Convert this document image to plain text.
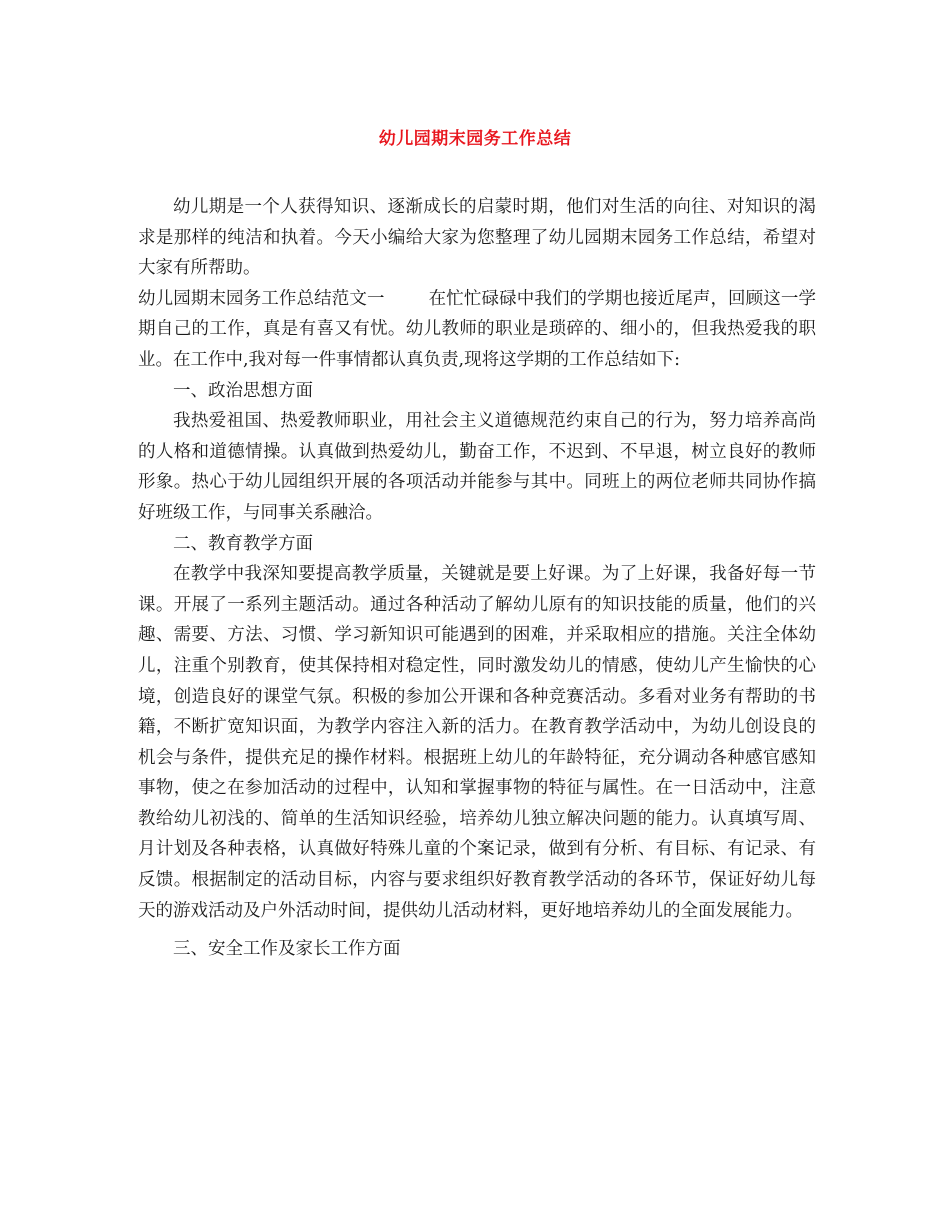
幼儿园期末园务工作总结

幼儿期是一个人获得知识、逐渐成长的启蒙时期，他们对生活的向往、对知识的渴求是那样的纯洁和执着。今天小编给大家为您整理了幼儿园期末园务工作总结，希望对大家有所帮助。

幼儿园期末园务工作总结范文一	在忙忙碌碌中我们的学期也接近尾声，回顾这一学期自己的工作，真是有喜又有忧。幼儿教师的职业是琐碎的、细小的，但我热爱我的职业。在工作中,我对每一件事情都认真负责,现将这学期的工作总结如下:

一、政治思想方面

我热爱祖国、热爱教师职业，用社会主义道德规范约束自己的行为，努力培养高尚的人格和道德情操。认真做到热爱幼儿，勤奋工作，不迟到、不早退，树立良好的教师形象。热心于幼儿园组织开展的各项活动并能参与其中。同班上的两位老师共同协作搞好班级工作，与同事关系融洽。

二、教育教学方面

在教学中我深知要提高教学质量，关键就是要上好课。为了上好课，我备好每一节课。开展了一系列主题活动。通过各种活动了解幼儿原有的知识技能的质量，他们的兴趣、需要、方法、习惯、学习新知识可能遇到的困难，并采取相应的措施。关注全体幼儿，注重个别教育，使其保持相对稳定性，同时激发幼儿的情感，使幼儿产生愉快的心境，创造良好的课堂气氛。积极的参加公开课和各种竞赛活动。多看对业务有帮助的书籍，不断扩宽知识面，为教学内容注入新的活力。在教育教学活动中，为幼儿创设良的机会与条件，提供充足的操作材料。根据班上幼儿的年龄特征，充分调动各种感官感知事物，使之在参加活动的过程中，认知和掌握事物的特征与属性。在一日活动中，注意教给幼儿初浅的、简单的生活知识经验，培养幼儿独立解决问题的能力。认真填写周、月计划及各种表格，认真做好特殊儿童的个案记录，做到有分析、有目标、有记录、有反馈。根据制定的活动目标，内容与要求组织好教育教学活动的各环节，保证好幼儿每天的游戏活动及户外活动时间，提供幼儿活动材料，更好地培养幼儿的全面发展能力。

三、安全工作及家长工作方面
